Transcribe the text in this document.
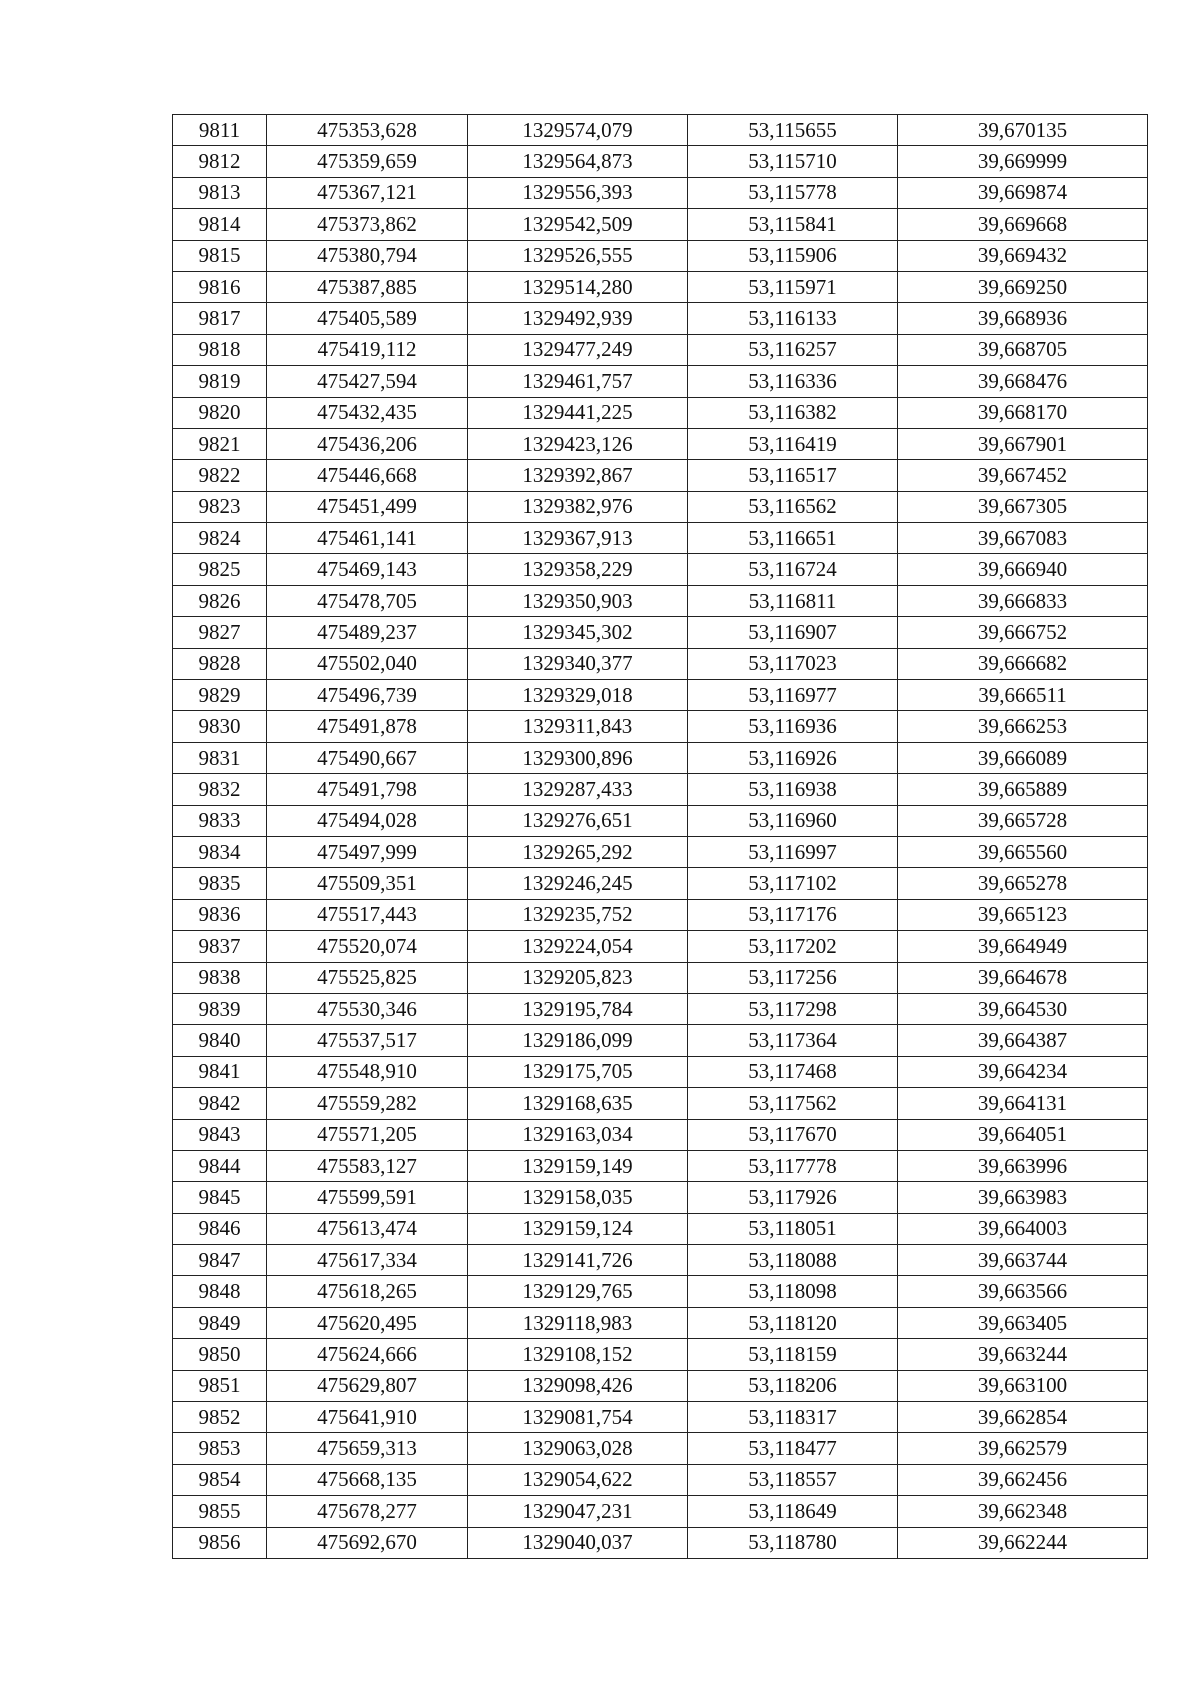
9811	475353,628	1329574,079	53,115655	39,670135
9812	475359,659	1329564,873	53,115710	39,669999
9813	475367,121	1329556,393	53,115778	39,669874
9814	475373,862	1329542,509	53,115841	39,669668
9815	475380,794	1329526,555	53,115906	39,669432
9816	475387,885	1329514,280	53,115971	39,669250
9817	475405,589	1329492,939	53,116133	39,668936
9818	475419,112	1329477,249	53,116257	39,668705
9819	475427,594	1329461,757	53,116336	39,668476
9820	475432,435	1329441,225	53,116382	39,668170
9821	475436,206	1329423,126	53,116419	39,667901
9822	475446,668	1329392,867	53,116517	39,667452
9823	475451,499	1329382,976	53,116562	39,667305
9824	475461,141	1329367,913	53,116651	39,667083
9825	475469,143	1329358,229	53,116724	39,666940
9826	475478,705	1329350,903	53,116811	39,666833
9827	475489,237	1329345,302	53,116907	39,666752
9828	475502,040	1329340,377	53,117023	39,666682
9829	475496,739	1329329,018	53,116977	39,666511
9830	475491,878	1329311,843	53,116936	39,666253
9831	475490,667	1329300,896	53,116926	39,666089
9832	475491,798	1329287,433	53,116938	39,665889
9833	475494,028	1329276,651	53,116960	39,665728
9834	475497,999	1329265,292	53,116997	39,665560
9835	475509,351	1329246,245	53,117102	39,665278
9836	475517,443	1329235,752	53,117176	39,665123
9837	475520,074	1329224,054	53,117202	39,664949
9838	475525,825	1329205,823	53,117256	39,664678
9839	475530,346	1329195,784	53,117298	39,664530
9840	475537,517	1329186,099	53,117364	39,664387
9841	475548,910	1329175,705	53,117468	39,664234
9842	475559,282	1329168,635	53,117562	39,664131
9843	475571,205	1329163,034	53,117670	39,664051
9844	475583,127	1329159,149	53,117778	39,663996
9845	475599,591	1329158,035	53,117926	39,663983
9846	475613,474	1329159,124	53,118051	39,664003
9847	475617,334	1329141,726	53,118088	39,663744
9848	475618,265	1329129,765	53,118098	39,663566
9849	475620,495	1329118,983	53,118120	39,663405
9850	475624,666	1329108,152	53,118159	39,663244
9851	475629,807	1329098,426	53,118206	39,663100
9852	475641,910	1329081,754	53,118317	39,662854
9853	475659,313	1329063,028	53,118477	39,662579
9854	475668,135	1329054,622	53,118557	39,662456
9855	475678,277	1329047,231	53,118649	39,662348
9856	475692,670	1329040,037	53,118780	39,662244
